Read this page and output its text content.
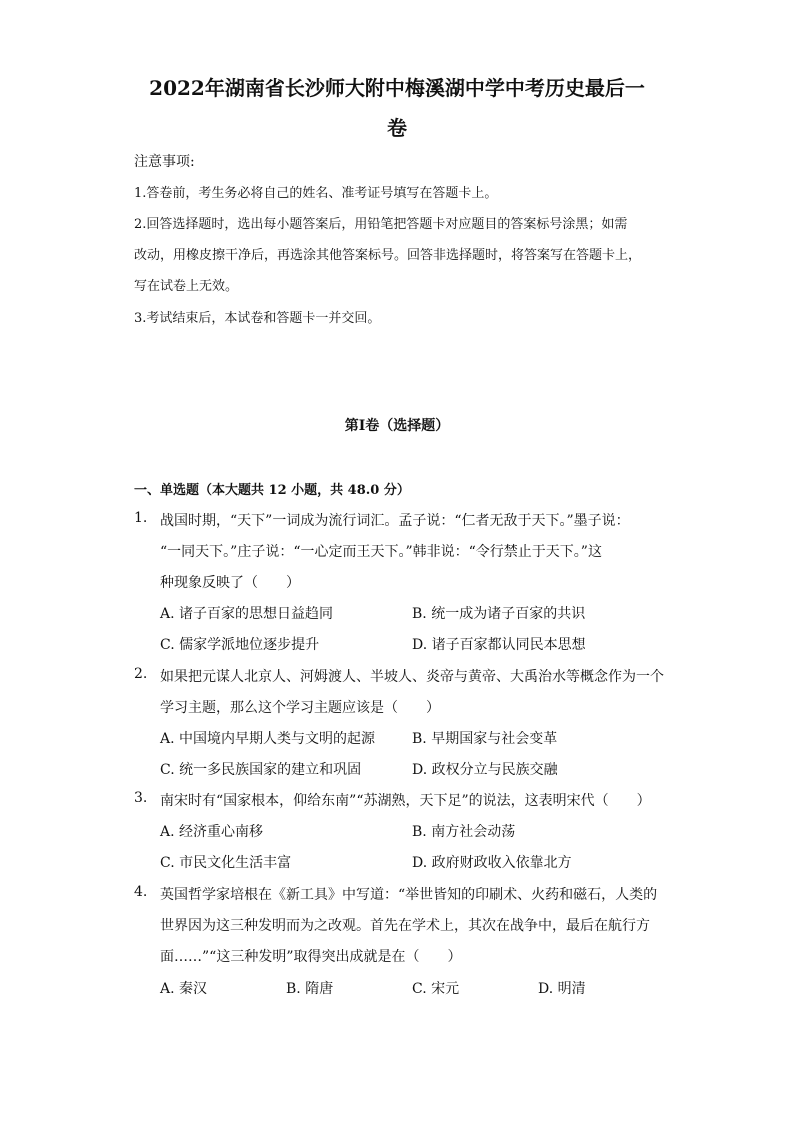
2022年湖南省长沙师大附中梅溪湖中学中考历史最后一
卷
注意事项:
1.答卷前，考生务必将自己的姓名、准考证号填写在答题卡上。
2.回答选择题时，选出每小题答案后，用铅笔把答题卡对应题目的答案标号涂黑；如需
改动，用橡皮擦干净后，再选涂其他答案标号。回答非选择题时，将答案写在答题卡上，
写在试卷上无效。
3.考试结束后，本试卷和答题卡一并交回。
第Ⅰ卷（选择题）
一、单选题（本大题共 12 小题，共 48.0 分）
1. 战国时期，“天下”一词成为流行词汇。孟子说：“仁者无敌于天下。”墨子说：
“一同天下。”庄子说：“一心定而王天下。”韩非说：“令行禁止于天下。”这
种现象反映了（　　）
A. 诸子百家的思想日益趋同	B. 统一成为诸子百家的共识
C. 儒家学派地位逐步提升	D. 诸子百家都认同民本思想
2. 如果把元谋人北京人、河姆渡人、半坡人、炎帝与黄帝、大禹治水等概念作为一个
学习主题，那么这个学习主题应该是（　　）
A. 中国境内早期人类与文明的起源	B. 早期国家与社会变革
C. 统一多民族国家的建立和巩固	D. 政权分立与民族交融
3. 南宋时有“国家根本，仰给东南”“苏湖熟，天下足”的说法，这表明宋代（　　）
A. 经济重心南移	B. 南方社会动荡
C. 市民文化生活丰富	D. 政府财政收入依靠北方
4. 英国哲学家培根在《新工具》中写道：“举世皆知的印刷术、火药和磁石，人类的
世界因为这三种发明而为之改观。首先在学术上，其次在战争中，最后在航行方
面……”“这三种发明”取得突出成就是在（　　）
A. 秦汉	B. 隋唐	C. 宋元	D. 明清
